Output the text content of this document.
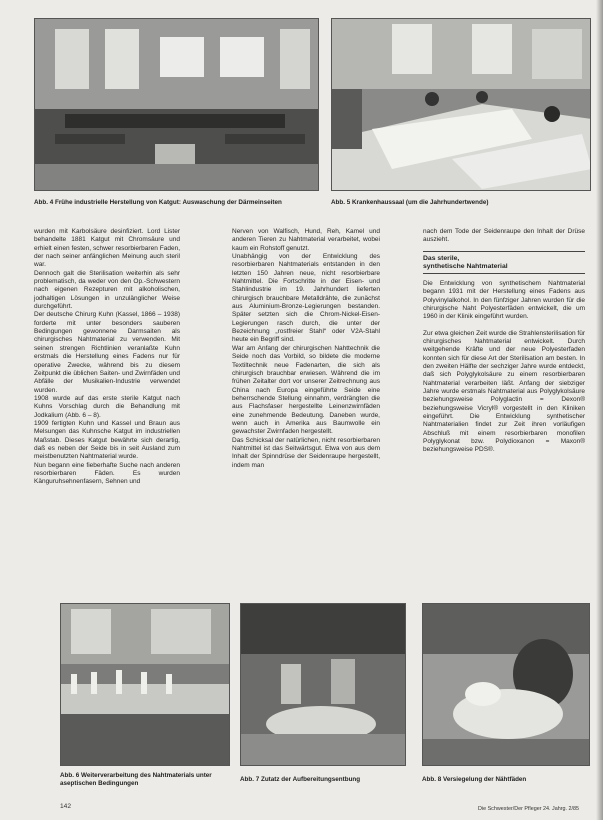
Abb. 4 Frühe industrielle Herstellung von Katgut: Auswaschung der Därmeinseiten	Abb. 5 Krankenhaussaal (um die Jahrhundertwende)

wurden mit Karbolsäure desinfiziert. Lord Lister behandelte 1881 Katgut mit Chromsäure und erhielt einen festen, schwer resorbierbaren Faden, der nach seiner anfänglichen Meinung auch steril war.

Dennoch galt die Sterilisation weiterhin als sehr problematisch, da weder von den Op.-Schwestern nach eigenen Rezepturen mit alkoholischen, jodhaltigen Lösungen in unzulänglicher Weise durchgeführt.

Der deutsche Chirurg Kuhn (Kassel, 1866 – 1938) forderte mit unter besonders sauberen Bedingungen gewonnene Darmsaiten als chirurgisches Nahtmaterial zu verwenden. Mit seinen strengen Richtlinien veranlaßte Kuhn erstmals die Herstellung eines Fadens nur für operative Zwecke, während bis zu diesem Zeitpunkt die üblichen Saiten- und Zwirnfäden und Abfälle der Musikalien-Industrie verwendet wurden.

1908 wurde auf das erste sterile Katgut nach Kuhns Vorschlag durch die Behandlung mit Jodkalium (Abb. 6 – 8).

1909 fertigten Kuhn und Kassel und Braun aus Melsungen das Kuhnsche Katgut im industriellen Maßstab. Dieses Katgut bewährte sich derartig, daß es neben der Seide bis in seit Ausland zum meistbenutzten Nahtmaterial wurde.

Nun begann eine fieberhafte Suche nach anderen resorbierbaren Fäden. Es wurden Känguruhsehnenfasern, Sehnen und

Nerven von Walfisch, Hund, Reh, Kamel und anderen Tieren zu Nahtmaterial verarbeitet, wobei kaum ein Rohstoff genutzt.

Unabhängig von der Entwicklung des resorbierbaren Nahtmaterials entstanden in den letzten 150 Jahren neue, nicht resorbierbare Nahtmittel. Die Fortschritte in der Eisen- und Stahlindustrie im 19. Jahrhundert lieferten chirurgisch brauchbare Metalldrähte, die zunächst aus Aluminium-Bronze-Legierungen bestanden. Später setzten sich die Chrom-Nickel-Eisen-Legierungen rasch durch, die unter der Bezeichnung „rostfreier Stahl“ oder V2A-Stahl heute ein Begriff sind.

War am Anfang der chirurgischen Nahttechnik die Seide noch das Vorbild, so bildete die moderne Textiltechnik neue Fadenarten, die sich als chirurgisch brauchbar erwiesen. Während die im frühen Zeitalter dort vor unserer Zeitrechnung aus China nach Europa eingeführte Seide eine beherrschende Stellung einnahm, verdrängten die aus Flachsfaser hergestellte Leinenzwirnfäden eine zunehmende Bedeutung. Daneben wurde, wenn auch in Amerika aus Baumwolle ein gewachster Zwirnfaden hergestellt.

Das Schicksal der natürlichen, nicht resorbierbaren Nahtmittel ist das Seitwärtsgut. Etwa von aus dem Inhalt der Spinndrüse der Seidenraupe hergestellt, indem man

nach dem Tode der Seidenraupe den Inhalt der Drüse auszieht.

Das sterile,
synthetische Nahtmaterial

Die Entwicklung von synthetischem Nahtmaterial begann 1931 mit der Herstellung eines Fadens aus Polyvinylalkohol. In den fünfziger Jahren wurden für die chirurgische Naht Polyesterfäden entwickelt, die um 1960 in der Klinik eingeführt wurden.

Zur etwa gleichen Zeit wurde die Strahlensterilisation für chirurgisches Nahtmaterial entwickelt. Durch weitgehende Kräfte und der neue Polyesterfaden konnten sich für diese Art der Sterilisation am besten. In den zweiten Hälfte der sechziger Jahre wurde entdeckt, daß sich Polyglykolsäure zu einem resorbierbaren Nahtmaterial verarbeiten läßt. Anfang der siebziger Jahre wurde erstmals Nahtmaterial aus Polyglykolsäure beziehungsweise Polyglactin = Dexon® beziehungsweise Vicryl® vorgestellt in den Kliniken eingeführt. Die Entwicklung synthetischer Nahtmaterialien findet zur Zeit ihren vorläufigen Abschluß mit einem resorbierbaren monofilen Polyglykonat bzw. Polydioxanon = Maxon® beziehungsweise PDS®.

Abb. 6 Weiterverarbeitung des Nahtmaterials unter aseptischen Bedingungen
Abb. 7 Zutatz der Aufbereitungsentbung	Abb. 8 Versiegelung der Nähtfäden
142	Die Schwester/Der Pfleger 24. Jahrg. 2/85
